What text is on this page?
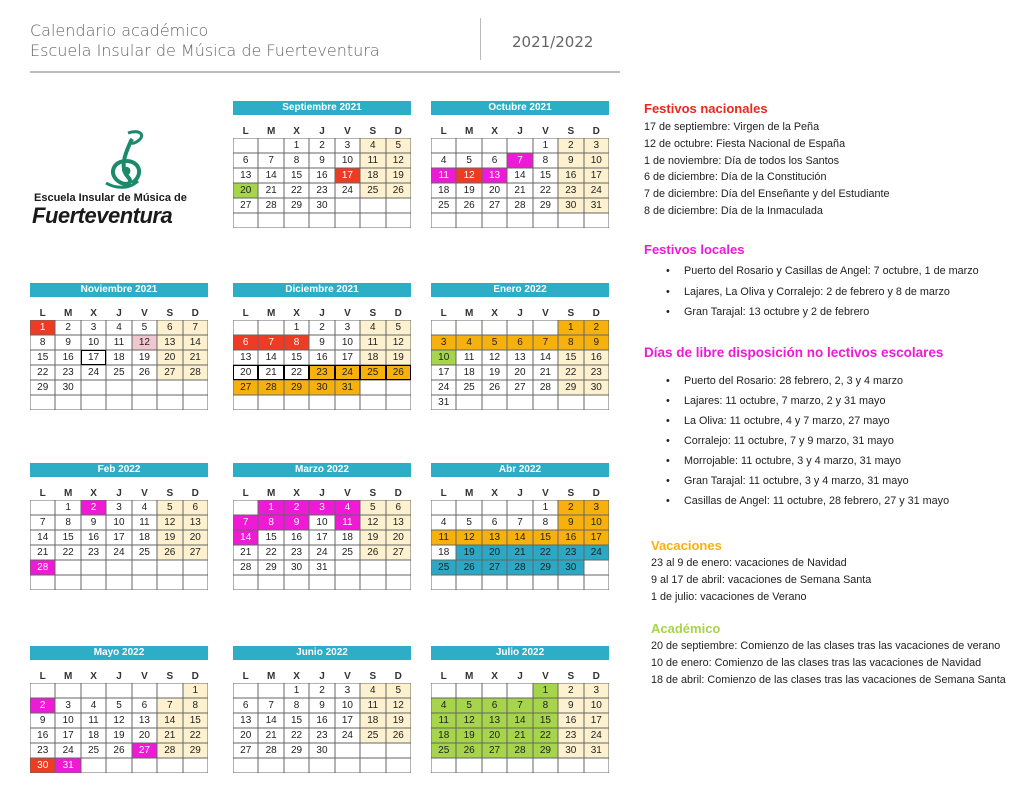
Calendario académico
Escuela Insular de Música de Fuerteventura	2021/2022
Escuela Insular de Música de
Fuerteventura
Septiembre 2021
L	M	X	J	V	S	D
		1	2	3	4	5
6	7	8	9	10	11	12
13	14	15	16	17	18	19
20	21	22	23	24	25	26
27	28	29	30			

Octubre 2021
L	M	X	J	V	S	D
				1	2	3
4	5	6	7	8	9	10
11	12	13	14	15	16	17
18	19	20	21	22	23	24
25	26	27	28	29	30	31

Noviembre 2021
L	M	X	J	V	S	D
1	2	3	4	5	6	7
8	9	10	11	12	13	14
15	16	17	18	19	20	21
22	23	24	25	26	27	28
29	30					

Diciembre 2021
L	M	X	J	V	S	D
		1	2	3	4	5
6	7	8	9	10	11	12
13	14	15	16	17	18	19
20	21	22	23	24	25	26
27	28	29	30	31		

Enero 2022
L	M	X	J	V	S	D
					1	2
3	4	5	6	7	8	9
10	11	12	13	14	15	16
17	18	19	20	21	22	23
24	25	26	27	28	29	30
31						
Feb 2022
L	M	X	J	V	S	D
	1	2	3	4	5	6
7	8	9	10	11	12	13
14	15	16	17	18	19	20
21	22	23	24	25	26	27
28						

Marzo 2022
L	M	X	J	V	S	D
	1	2	3	4	5	6
7	8	9	10	11	12	13
14	15	16	17	18	19	20
21	22	23	24	25	26	27
28	29	30	31			

Abr 2022
L	M	X	J	V	S	D
				1	2	3
4	5	6	7	8	9	10
11	12	13	14	15	16	17
18	19	20	21	22	23	24
25	26	27	28	29	30	

Mayo 2022
L	M	X	J	V	S	D
						1
2	3	4	5	6	7	8
9	10	11	12	13	14	15
16	17	18	19	20	21	22
23	24	25	26	27	28	29
30	31					
Junio 2022
L	M	X	J	V	S	D
		1	2	3	4	5
6	7	8	9	10	11	12
13	14	15	16	17	18	19
20	21	22	23	24	25	26
27	28	29	30			

Julio 2022
L	M	X	J	V	S	D
				1	2	3
4	5	6	7	8	9	10
11	12	13	14	15	16	17
18	19	20	21	22	23	24
25	26	27	28	29	30	31

Festivos nacionales

17 de septiembre: Virgen de la Peña

12 de octubre: Fiesta Nacional de España

1 de noviembre: Día de todos los Santos

6 de diciembre: Día de la Constitución

7 de diciembre: Día del Enseñante y del Estudiante

8 de diciembre: Día de la Inmaculada

Festivos locales

• Puerto del Rosario y Casillas de Angel: 7 octubre, 1 de marzo

• Lajares, La Oliva y Corralejo: 2 de febrero y 8 de marzo

• Gran Tarajal: 13 octubre y 2 de febrero

Días de libre disposición no lectivos escolares

• Puerto del Rosario: 28 febrero, 2, 3 y 4 marzo

• Lajares: 11 octubre, 7 marzo, 2 y 31 mayo

• La Oliva: 11 octubre, 4 y 7 marzo, 27 mayo

• Corralejo: 11 octubre, 7 y 9 marzo, 31 mayo

• Morrojable: 11 octubre, 3 y 4 marzo, 31 mayo

• Gran Tarajal: 11 octubre, 3 y 4 marzo, 31 mayo

• Casillas de Angel: 11 octubre, 28 febrero, 27 y 31 mayo

Vacaciones

23 al 9 de enero: vacaciones de Navidad

9 al 17 de abril: vacaciones de Semana Santa

1 de julio: vacaciones de Verano

Académico

20 de septiembre: Comienzo de las clases tras las vacaciones de verano

10 de enero: Comienzo de las clases tras las vacaciones de Navidad

18 de abril: Comienzo de las clases tras las vacaciones de Semana Santa
